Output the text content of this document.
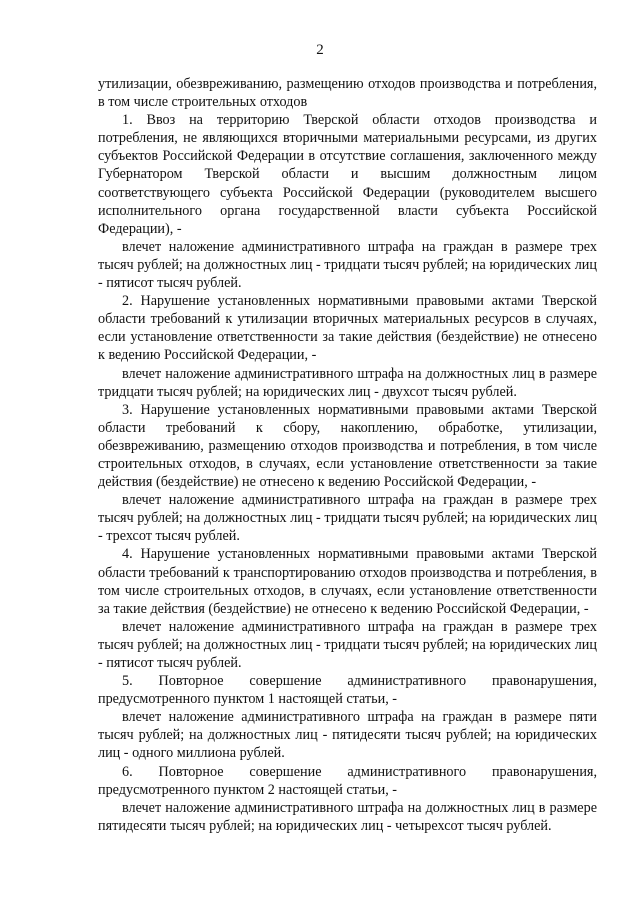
2

утилизации, обезвреживанию, размещению отходов производства и потребления, в том числе строительных отходов

1. Ввоз на территорию Тверской области отходов производства и потребления, не являющихся вторичными материальными ресурсами, из других субъектов Российской Федерации в отсутствие соглашения, заключенного между Губернатором Тверской области и высшим должностным лицом соответствующего субъекта Российской Федерации (руководителем высшего исполнительного органа государственной власти субъекта Российской Федерации), -

влечет наложение административного штрафа на граждан в размере трех тысяч рублей; на должностных лиц - тридцати тысяч рублей; на юридических лиц - пятисот тысяч рублей.

2. Нарушение установленных нормативными правовыми актами Тверской области требований к утилизации вторичных материальных ресурсов в случаях, если установление ответственности за такие действия (бездействие) не отнесено к ведению Российской Федерации, -

влечет наложение административного штрафа на должностных лиц в размере тридцати тысяч рублей; на юридических лиц - двухсот тысяч рублей.

3. Нарушение установленных нормативными правовыми актами Тверской области требований к сбору, накоплению, обработке, утилизации, обезвреживанию, размещению отходов производства и потребления, в том числе строительных отходов, в случаях, если установление ответственности за такие действия (бездействие) не отнесено к ведению Российской Федерации, -

влечет наложение административного штрафа на граждан в размере трех тысяч рублей; на должностных лиц - тридцати тысяч рублей; на юридических лиц - трехсот тысяч рублей.

4. Нарушение установленных нормативными правовыми актами Тверской области требований к транспортированию отходов производства и потребления, в том числе строительных отходов, в случаях, если установление ответственности за такие действия (бездействие) не отнесено к ведению Российской Федерации, -

влечет наложение административного штрафа на граждан в размере трех тысяч рублей; на должностных лиц - тридцати тысяч рублей; на юридических лиц - пятисот тысяч рублей.

5. Повторное совершение административного правонарушения, предусмотренного пунктом 1 настоящей статьи, -

влечет наложение административного штрафа на граждан в размере пяти тысяч рублей; на должностных лиц - пятидесяти тысяч рублей; на юридических лиц - одного миллиона рублей.

6. Повторное совершение административного правонарушения, предусмотренного пунктом 2 настоящей статьи, -

влечет наложение административного штрафа на должностных лиц в размере пятидесяти тысяч рублей; на юридических лиц - четырехсот тысяч рублей.
